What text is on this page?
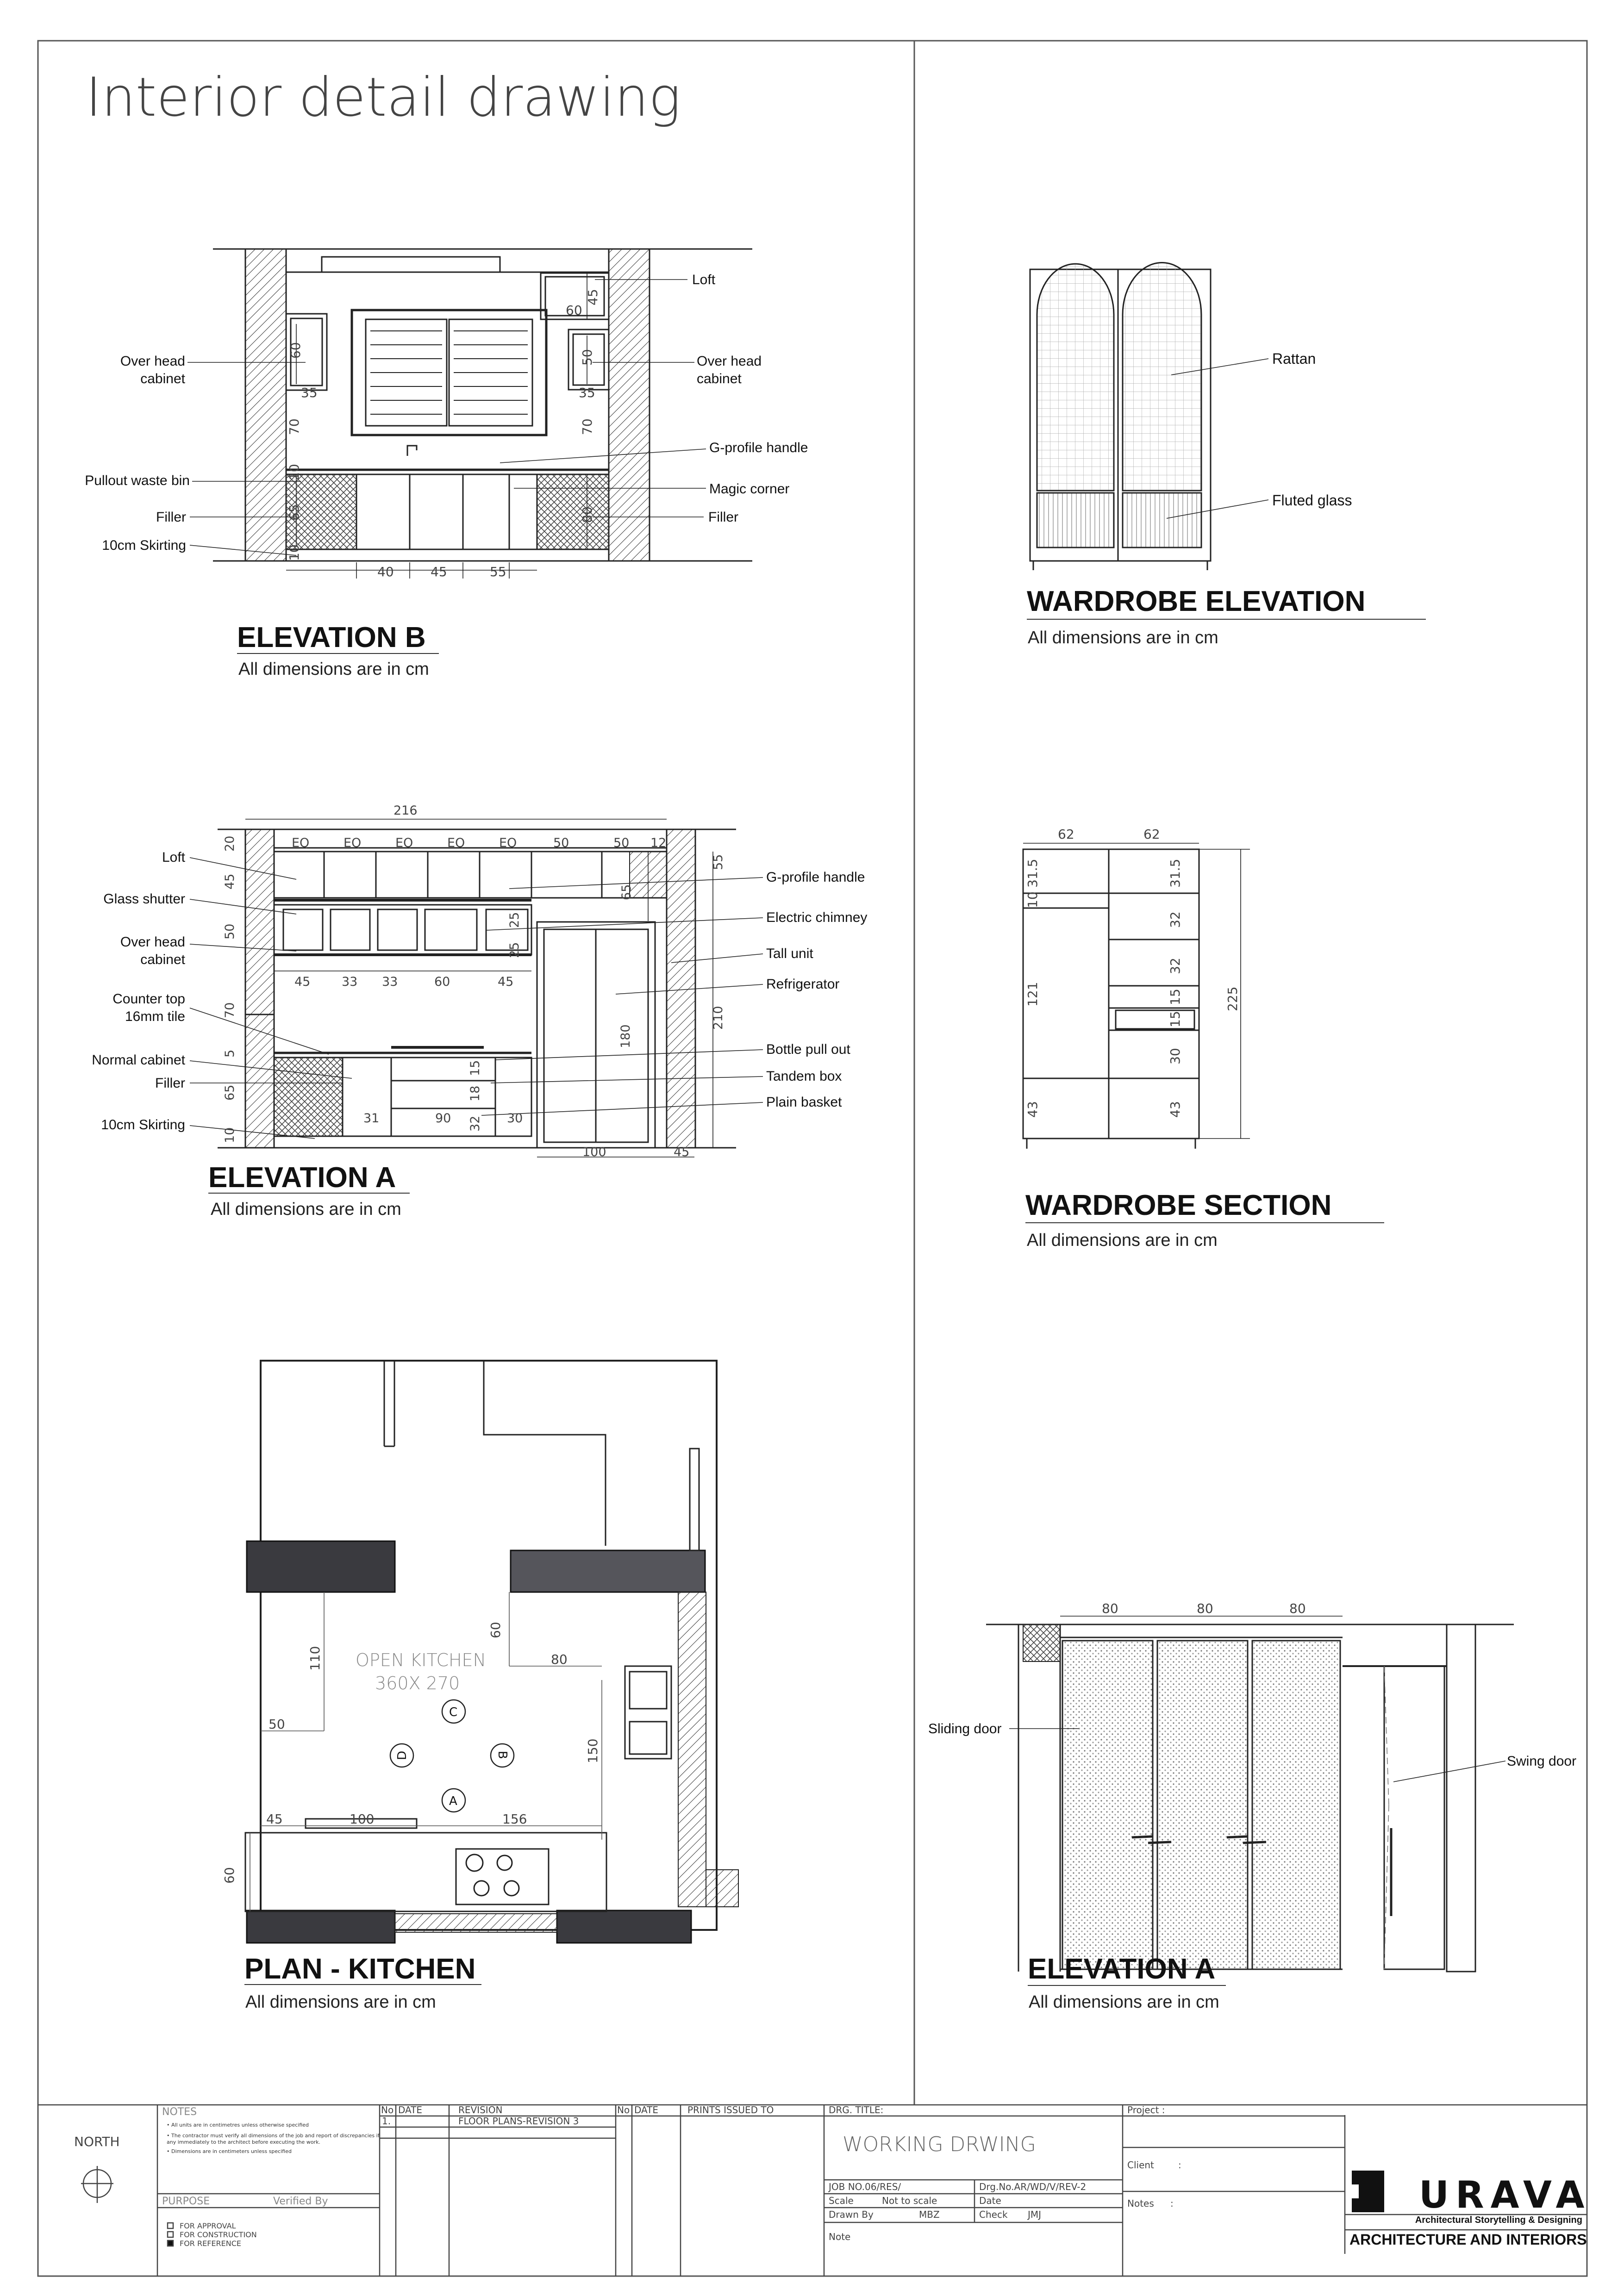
Interior detail drawing
Loft
Over head
cabinet
Over head
cabinet
G-profile handle
Pullout waste bin
Magic corner
Filler	Filler
10cm Skirting
60
45
60	50
35	35
70	70
10
65	80
10
40	45	55
ELEVATION B
All dimensions are in cm
Loft
Glass shutter
Over head
cabinet
Counter top
16mm tile
Normal cabinet
Filler
10cm Skirting
G-profile handle
Electric chimney
Tall unit
Refrigerator
Bottle pull out
Tandem box
Plain basket
216
EQ	EQ	EQ	EQ	EQ	50	50 12
20
45
50
70
5
65
10
65
25
25
55
210
180
45	33 33	60	45
15
18
32
31	90	30
100	45
ELEVATION A
All dimensions are in cm
OPEN KITCHEN
360X 270
C
D	B
A
60
80
110
150
50
45	100	156
60
PLAN - KITCHEN
All dimensions are in cm
Rattan
Fluted glass
WARDROBE ELEVATION
All dimensions are in cm
62	62
31.5
10
121
43
31.5
32
32
15
15
30
43
225
WARDROBE SECTION
All dimensions are in cm
Sliding door
Swing door
80	80	80
ELEVATION A
All dimensions are in cm
NORTH
NOTES
• All units are in centimetres unless otherwise specified
• The contractor must verify all dimensions of the job and report of discrepancies if
any immediately to the architect before executing the work.
• Dimensions are in centimeters unless specified
PURPOSE	Verified By
FOR APPROVAL
FOR CONSTRUCTION
FOR REFERENCE
No DATE	REVISION
1.	FLOOR PLANS-REVISION 3
No DATE	PRINTS ISSUED TO	DRG. TITLE:
WORKING DRWING
JOB NO.06/RES/	Drg.No.AR/WD/V/REV-2
Scale	Not to scale	Date
Drawn By	MBZ	Check JMJ
Note
Project :
Client	:
Notes :	URAVA
Architectural Storytelling & Designing
ARCHITECTURE AND INTERIORS
